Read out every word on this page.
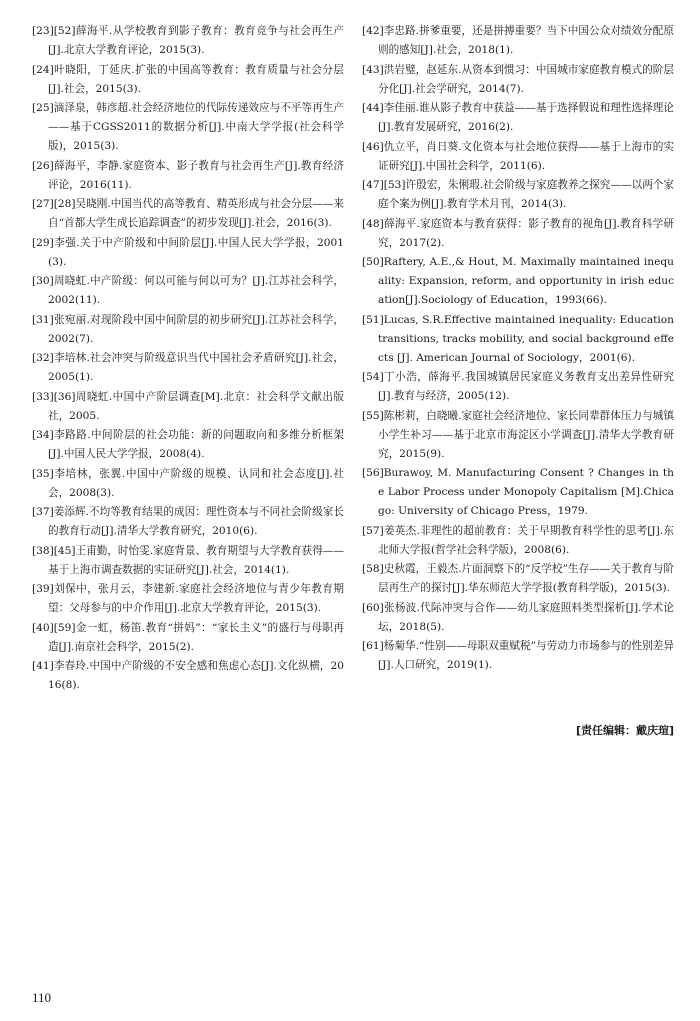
[23][52]薛海平.从学校教育到影子教育：教育竞争与社会再生产[J].北京大学教育评论，2015(3).

[24]叶晓阳，丁延庆.扩张的中国高等教育：教育质量与社会分层[J].社会，2015(3).

[25]滴泽泉，韩彦超.社会经济地位的代际传递效应与不平等再生产——基于CGSS2011的数据分析[J].中南大学学报(社会科学版)，2015(3).

[26]薛海平，李静.家庭资本、影子教育与社会再生产[J].教育经济评论，2016(11).

[27][28]吴晓刚.中国当代的高等教育、精英形成与社会分层——来自“首都大学生成长追踪调查”的初步发现[J].社会，2016(3).

[29]李强.关于中产阶级和中间阶层[J].中国人民大学学报，2001(3).

[30]周晓虹.中产阶级：何以可能与何以可为？[J].江苏社会科学，2002(11).

[31]张宛丽.对现阶段中国中间阶层的初步研究[J].江苏社会科学，2002(7).

[32]李培林.社会冲突与阶级意识当代中国社会矛盾研究[J].社会，2005(1).

[33][36]周晓虹.中国中产阶层调查[M].北京：社会科学文献出版社，2005.

[34]李路路.中间阶层的社会功能：新的问题取向和多维分析框架[J].中国人民大学学报，2008(4).

[35]李培林，张翼.中国中产阶级的规模、认同和社会态度[J].社会，2008(3).

[37]姜添辉.不均等教育结果的成因：理性资本与不同社会阶级家长的教育行动[J].清华大学教育研究，2010(6).

[38][45]王甫勤，时怡雯.家庭背景、教育期望与大学教育获得——基于上海市调查数据的实证研究[J].社会，2014(1).

[39]刘保中，张月云，李建新.家庭社会经济地位与青少年教育期望：父母参与的中介作用[J].北京大学教育评论，2015(3).

[40][59]金一虹，杨笛.教育“拼妈”：“家长主义”的盛行与母职再造[J].南京社会科学，2015(2).

[41]李春玲.中国中产阶级的不安全感和焦虑心态[J].文化纵横，2016(8).

[42]李忠路.拼爹重要，还是拼搏重要？当下中国公众对绩效分配原则的感知[J].社会，2018(1).

[43]洪岩璧，赵延东.从资本到惯习：中国城市家庭教育模式的阶层分化[J].社会学研究，2014(7).

[44]李佳丽.谁从影子教育中获益——基于选择假说和理性选择理论[J].教育发展研究，2016(2).

[46]仇立平，肖日葵.文化资本与社会地位获得——基于上海市的实证研究[J].中国社会科学，2011(6).

[47][53]许殷宏，朱俐瑕.社会阶级与家庭教养之探究——以两个家庭个案为例[J].教育学术月刊，2014(3).

[48]薛海平.家庭资本与教育获得：影子教育的视角[J].教育科学研究，2017(2).

[50]Raftery, A.E.,& Hout, M. Maximally maintained inequality: Expansion, reform, and opportunity in irish education[J].Sociology of Education，1993(66).

[51]Lucas, S.R.Effective maintained inequality: Education transitions, tracks mobility, and social background effects [J]. American Journal of Sociology，2001(6).

[54]丁小浩，薛海平.我国城镇居民家庭义务教育支出差异性研究[J].教育与经济，2005(12).

[55]陈彬莉，白晓曦.家庭社会经济地位、家长同辈群体压力与城镇小学生补习——基于北京市海淀区小学调查[J].清华大学教育研究，2015(9).

[56]Burawoy, M. Manufacturing Consent ? Changes in the Labor Process under Monopoly Capitalism [M].Chicago: University of Chicago Press，1979.

[57]姜英杰.非理性的超前教育：关于早期教育科学性的思考[J].东北师大学报(哲学社会科学版)，2008(6).

[58]史秋霞，王毅杰.片面洞察下的“反学校”生存——关于教育与阶层再生产的探讨[J].华东师范大学学报(教育科学版)，2015(3).

[60]张杨波.代际冲突与合作——幼儿家庭照料类型探析[J].学术论坛，2018(5).

[61]杨菊华.“性别——母职双重赋税”与劳动力市场参与的性别差异[J].人口研究，2019(1).

[责任编辑：戴庆瑄]
110
